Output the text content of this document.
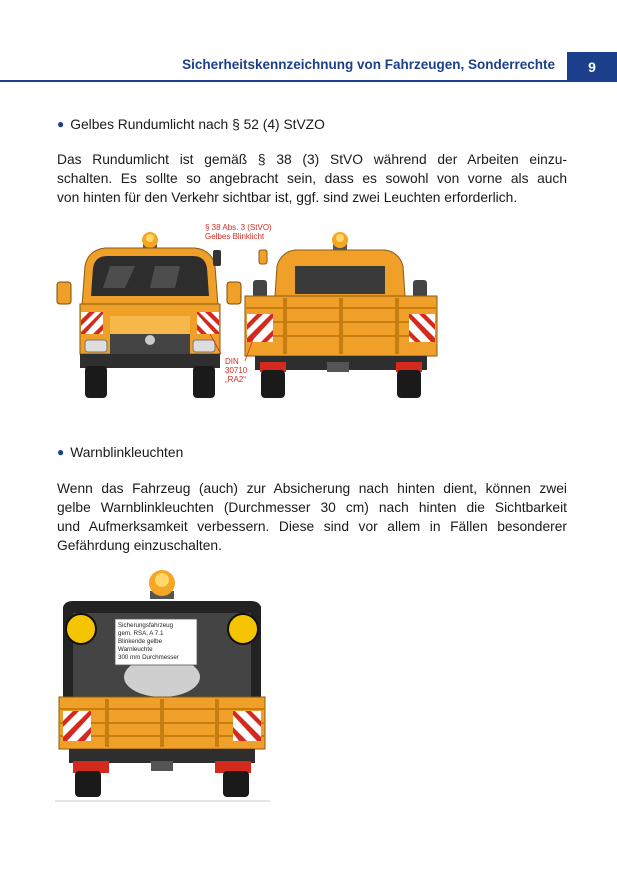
Sicherheitskennzeichnung von Fahrzeugen, Sonderrechte 9
● Gelbes Rundumlicht nach § 52 (4) StVZO
Das Rundumlicht ist gemäß § 38 (3) StVO während der Arbeiten einzu-
schalten. Es sollte so angebracht sein, dass es sowohl von vorne als auch
von hinten für den Verkehr sichtbar ist, ggf. sind zwei Leuchten erforderlich.
§ 38 Abs. 3 (StVO)
Gelbes Blinklicht
DIN
30710
„RA2“
● Warnblinkleuchten
Wenn das Fahrzeug (auch) zur Absicherung nach hinten dient, können zwei
gelbe Warnblinkleuchten (Durchmesser 30 cm) nach hinten die Sichtbarkeit
und Aufmerksamkeit verbessern. Diese sind vor allem in Fällen besonderer
Gefährdung einzuschalten.
Sicherungsfahrzeug
gem. RSA, A 7.1
Blinkende gelbe
Warnleuchte
300 mm Durchmesser
